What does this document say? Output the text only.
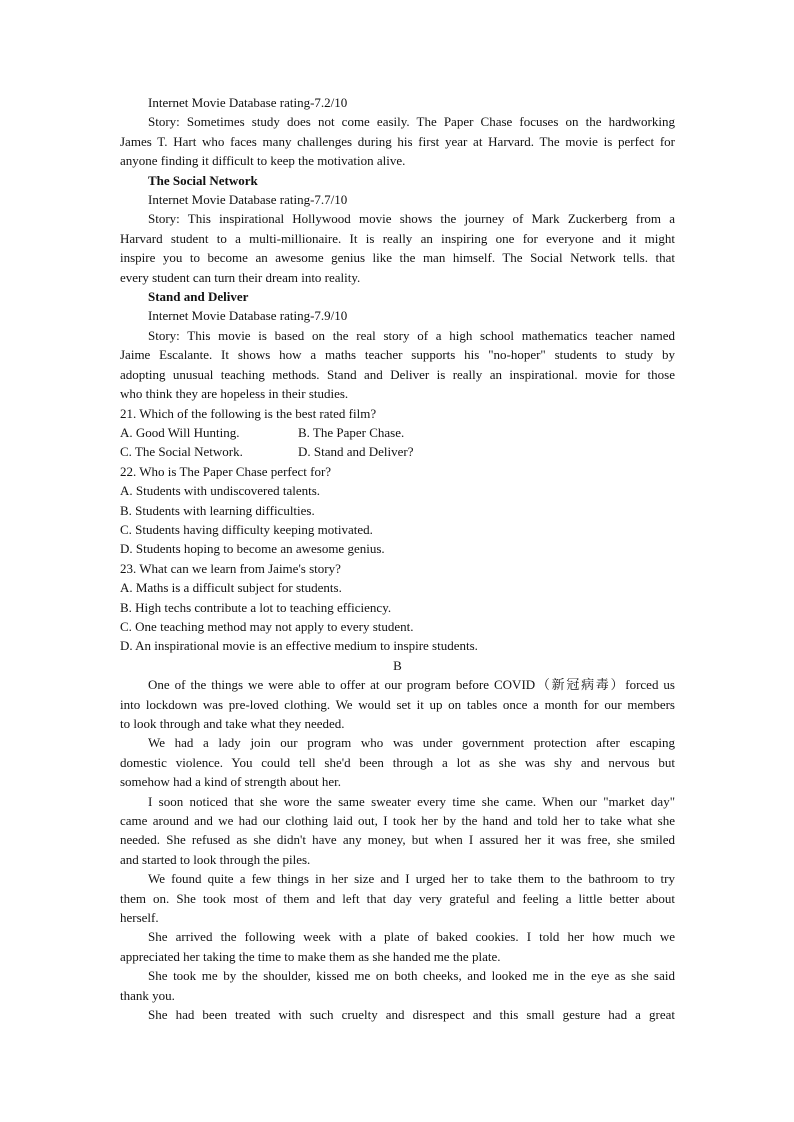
Internet Movie Database rating-7.2/10
Story: Sometimes study does not come easily. The Paper Chase focuses on the hardworking
James T. Hart who faces many challenges during his first year at Harvard. The movie is perfect for
anyone finding it difficult to keep the motivation alive.
The Social Network
Internet Movie Database rating-7.7/10
Story: This inspirational Hollywood movie shows the journey of Mark Zuckerberg from a
Harvard student to a multi-millionaire. It is really an inspiring one for everyone and it might
inspire you to become an awesome genius like the man himself. The Social Network tells. that
every student can turn their dream into reality.
Stand and Deliver
Internet Movie Database rating-7.9/10
Story: This movie is based on the real story of a high school mathematics teacher named
Jaime Escalante. It shows how a maths teacher supports his "no-hoper" students to study by
adopting unusual teaching methods. Stand and Deliver is really an inspirational. movie for those
who think they are hopeless in their studies.
21. Which of the following is the best rated film?
A. Good Will Hunting.	B. The Paper Chase.
C. The Social Network.	D. Stand and Deliver?
22. Who is The Paper Chase perfect for?
A. Students with undiscovered talents.
B. Students with learning difficulties.
C. Students having difficulty keeping motivated.
D. Students hoping to become an awesome genius.
23. What can we learn from Jaime's story?
A. Maths is a difficult subject for students.
B. High techs contribute a lot to teaching efficiency.
C. One teaching method may not apply to every student.
D. An inspirational movie is an effective medium to inspire students.
B
One of the things we were able to offer at our program before COVID（新冠病毒）forced us
into lockdown was pre-loved clothing. We would set it up on tables once a month for our members
to look through and take what they needed.
We had a lady join our program who was under government protection after escaping
domestic violence. You could tell she'd been through a lot as she was shy and nervous but
somehow had a kind of strength about her.
I soon noticed that she wore the same sweater every time she came. When our "market day"
came around and we had our clothing laid out, I took her by the hand and told her to take what she
needed. She refused as she didn't have any money, but when I assured her it was free, she smiled
and started to look through the piles.
We found quite a few things in her size and I urged her to take them to the bathroom to try
them on. She took most of them and left that day very grateful and feeling a little better about
herself.
She arrived the following week with a plate of baked cookies. I told her how much we
appreciated her taking the time to make them as she handed me the plate.
She took me by the shoulder, kissed me on both cheeks, and looked me in the eye as she said
thank you.
She had been treated with such cruelty and disrespect and this small gesture had a great
